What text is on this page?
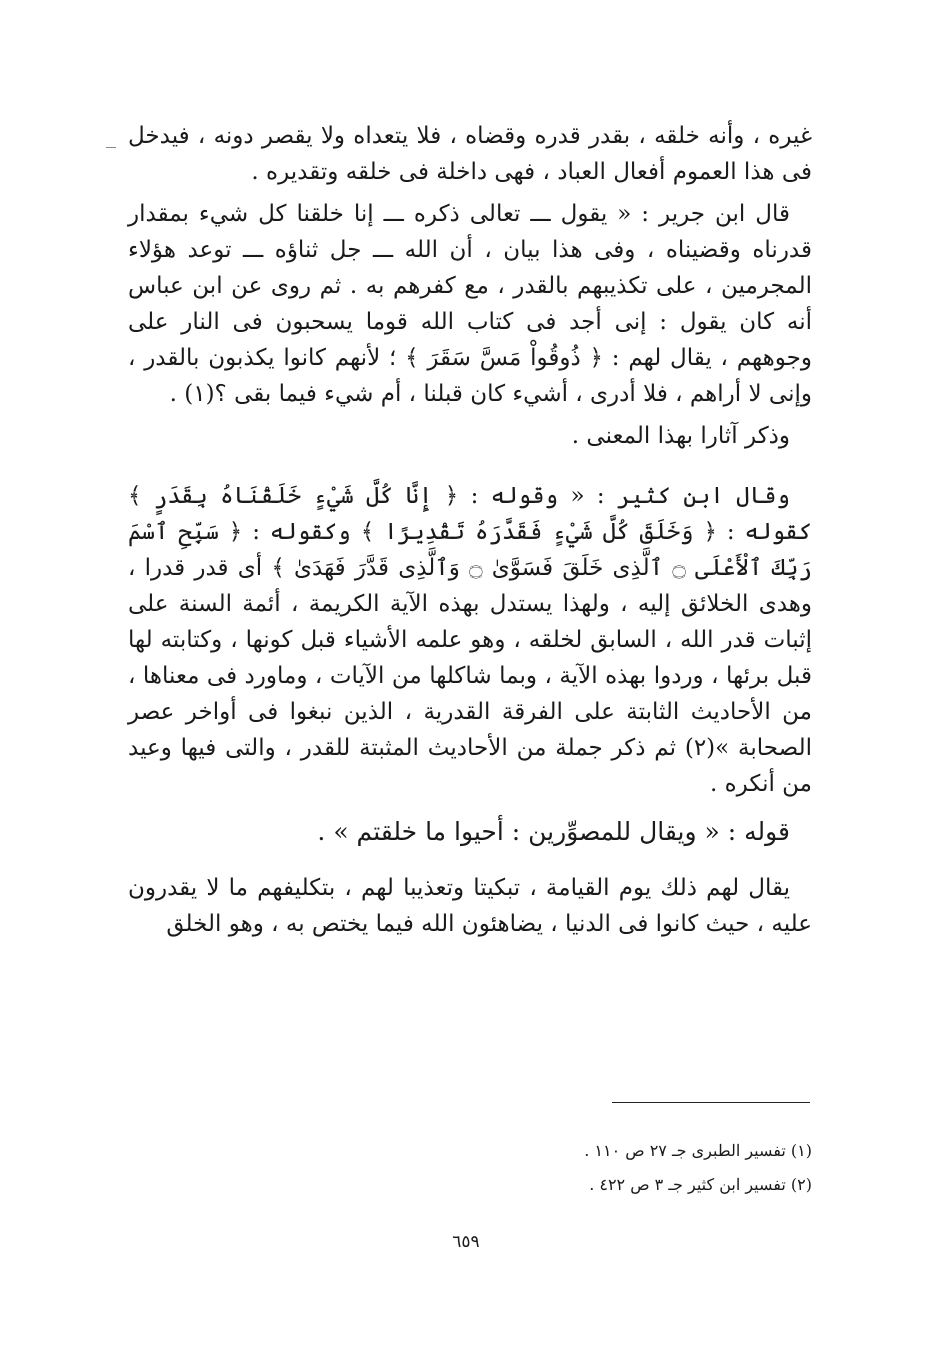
غيره ، وأنه خلقه ، بقدر قدره وقضاه ، فلا يتعداه ولا يقصر دونه ، فيدخل فى هذا العموم أفعال العباد ، فهى داخلة فى خلقه وتقديره .

قال ابن جرير : « يقول ـــ تعالى ذكره ـــ إنا خلقنا كل شيء بمقدار قدرناه وقضيناه ، وفى هذا بيان ، أن الله ـــ جل ثناؤه ـــ توعد هؤلاء المجرمين ، على تكذيبهم بالقدر ، مع كفرهم به . ثم روى عن ابن عباس أنه كان يقول : إنى أجد فى كتاب الله قوما يسحبون فى النار على وجوههم ، يقال لهم : ﴿ ذُوقُواْ مَسَّ سَقَرَ ﴾ ؛ لأنهم كانوا يكذبون بالقدر ، وإنى لا أراهم ، فلا أدرى ، أشيء كان قبلنا ، أم شيء فيما بقى ؟(١) .

وذكر آثارا بهذا المعنى .

وقال ابن كثير : « وقوله : ﴿ إِنَّا كُلَّ شَيْءٍ خَلَقْنَاهُ بِقَدَرٍ ﴾ كقوله : ﴿ وَخَلَقَ كُلَّ شَيْءٍ فَقَدَّرَهُ تَقْدِيرًا ﴾ وكقوله : ﴿ سَبِّحِ ٱسْمَ رَبِّكَ ٱلْأَعْلَى ۝ ٱلَّذِى خَلَقَ فَسَوَّىٰ ۝ وَٱلَّذِى قَدَّرَ فَهَدَىٰ ﴾ أى قدر قدرا ، وهدى الخلائق إليه ، ولهذا يستدل بهذه الآية الكريمة ، أئمة السنة على إثبات قدر الله ، السابق لخلقه ، وهو علمه الأشياء قبل كونها ، وكتابته لها قبل برئها ، وردوا بهذه الآية ، وبما شاكلها من الآيات ، وماورد فى معناها ، من الأحاديث الثابتة على الفرقة القدرية ، الذين نبغوا فى أواخر عصر الصحابة »(٢) ثم ذكر جملة من الأحاديث المثبتة للقدر ، والتى فيها وعيد من أنكره .

قوله : « ويقال للمصوِّرين : أحيوا ما خلقتم » .

يقال لهم ذلك يوم القيامة ، تبكيتا وتعذيبا لهم ، بتكليفهم ما لا يقدرون عليه ، حيث كانوا فى الدنيا ، يضاهئون الله فيما يختص به ، وهو الخلق

(١) تفسير الطبرى جـ ٢٧ ص ١١٠ .

(٢) تفسير ابن كثير جـ ٣ ص ٤٢٢ .

٦٥٩
